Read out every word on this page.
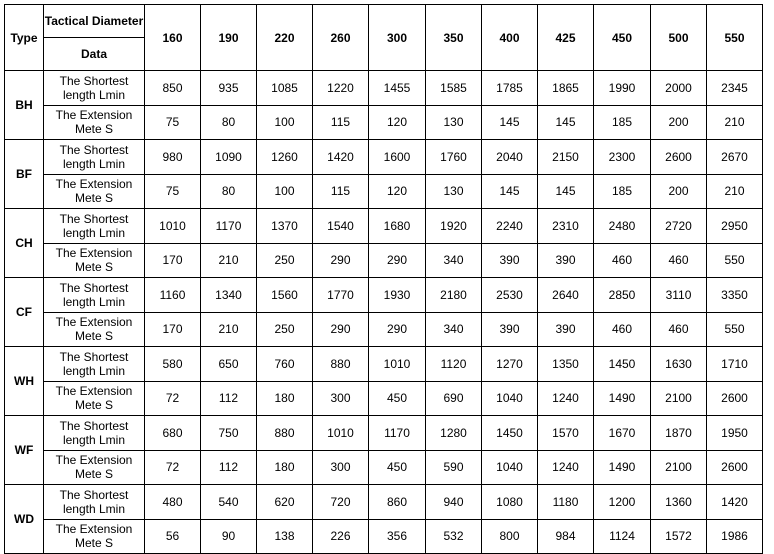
Type	Tactical Diameter	160	190	220	260	300	350	400	425	450	500	550
	Data											
BH	The Shortest length Lmin	850	935	1085	1220	1455	1585	1785	1865	1990	2000	2345
	The Extension Mete S	75	80	100	115	120	130	145	145	185	200	210
BF	The Shortest length Lmin	980	1090	1260	1420	1600	1760	2040	2150	2300	2600	2670
	The Extension Mete S	75	80	100	115	120	130	145	145	185	200	210
CH	The Shortest length Lmin	1010	1170	1370	1540	1680	1920	2240	2310	2480	2720	2950
	The Extension Mete S	170	210	250	290	290	340	390	390	460	460	550
CF	The Shortest length Lmin	1160	1340	1560	1770	1930	2180	2530	2640	2850	3110	3350
	The Extension Mete S	170	210	250	290	290	340	390	390	460	460	550
WH	The Shortest length Lmin	580	650	760	880	1010	1120	1270	1350	1450	1630	1710
	The Extension Mete S	72	112	180	300	450	690	1040	1240	1490	2100	2600
WF	The Shortest length Lmin	680	750	880	1010	1170	1280	1450	1570	1670	1870	1950
	The Extension Mete S	72	112	180	300	450	590	1040	1240	1490	2100	2600
WD	The Shortest length Lmin	480	540	620	720	860	940	1080	1180	1200	1360	1420
	The Extension Mete S	56	90	138	226	356	532	800	984	1124	1572	1986
